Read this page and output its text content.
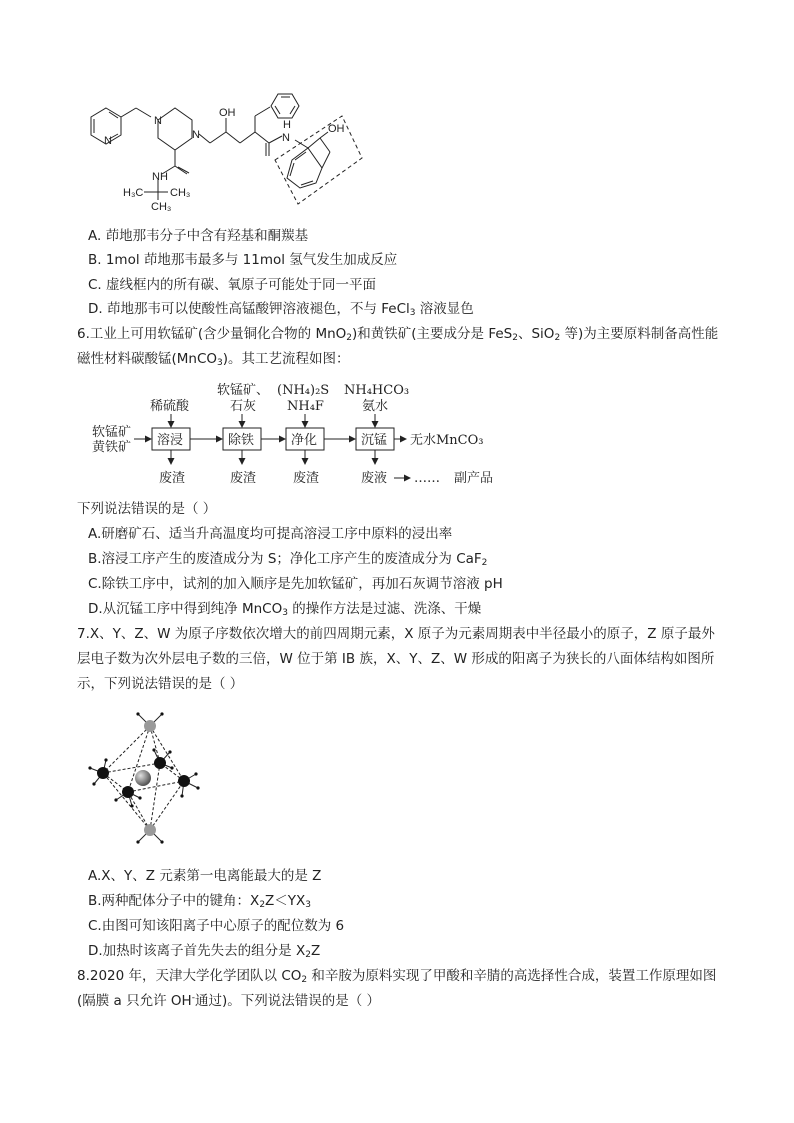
N
N
N
NH
H₃C CH₃
CH₃
OH
H
N
OH
A. 茚地那韦分子中含有羟基和酮羰基
B. 1mol 茚地那韦最多与 11mol 氢气发生加成反应
C. 虚线框内的所有碳、氧原子可能处于同一平面
D. 茚地那韦可以使酸性高锰酸钾溶液褪色，不与 FeCl$_3$ 溶液显色
6.工业上可用软锰矿(含少量铜化合物的 MnO$_2$)和黄铁矿(主要成分是 FeS$_2$、SiO$_2$ 等)为主要原料制备高性能
磁性材料碳酸锰(MnCO$_3$)。其工艺流程如图：
软锰矿
黄铁矿
稀硫酸
软锰矿、
石灰
(NH₄)₂S
NH₄F
NH₄HCO₃
氨水
溶浸	除铁	净化	沉锰 无水MnCO₃
废渣	废渣	废渣	废液 …… 副产品
下列说法错误的是（ ）
A.研磨矿石、适当升高温度均可提高溶浸工序中原料的浸出率
B.溶浸工序产生的废渣成分为 S；净化工序产生的废渣成分为 CaF$_2$
C.除铁工序中，试剂的加入顺序是先加软锰矿，再加石灰调节溶液 pH
D.从沉锰工序中得到纯净 MnCO$_3$ 的操作方法是过滤、洗涤、干燥
7.X、Y、Z、W 为原子序数依次增大的前四周期元素，X 原子为元素周期表中半径最小的原子，Z 原子最外
层电子数为次外层电子数的三倍，W 位于第 IB 族，X、Y、Z、W 形成的阳离子为狭长的八面体结构如图所
示，下列说法错误的是（ ）
A.X、Y、Z 元素第一电离能最大的是 Z
B.两种配体分子中的键角：$X_2Z<YX_3$
C.由图可知该阳离子中心原子的配位数为 6
D.加热时该离子首先失去的组分是 $X_2Z$
8.2020 年，天津大学化学团队以 $CO_2$ 和辛胺为原料实现了甲酸和辛腈的高选择性合成，装置工作原理如图
(隔膜 a 只允许 OH-通过)。下列说法错误的是（ ）
